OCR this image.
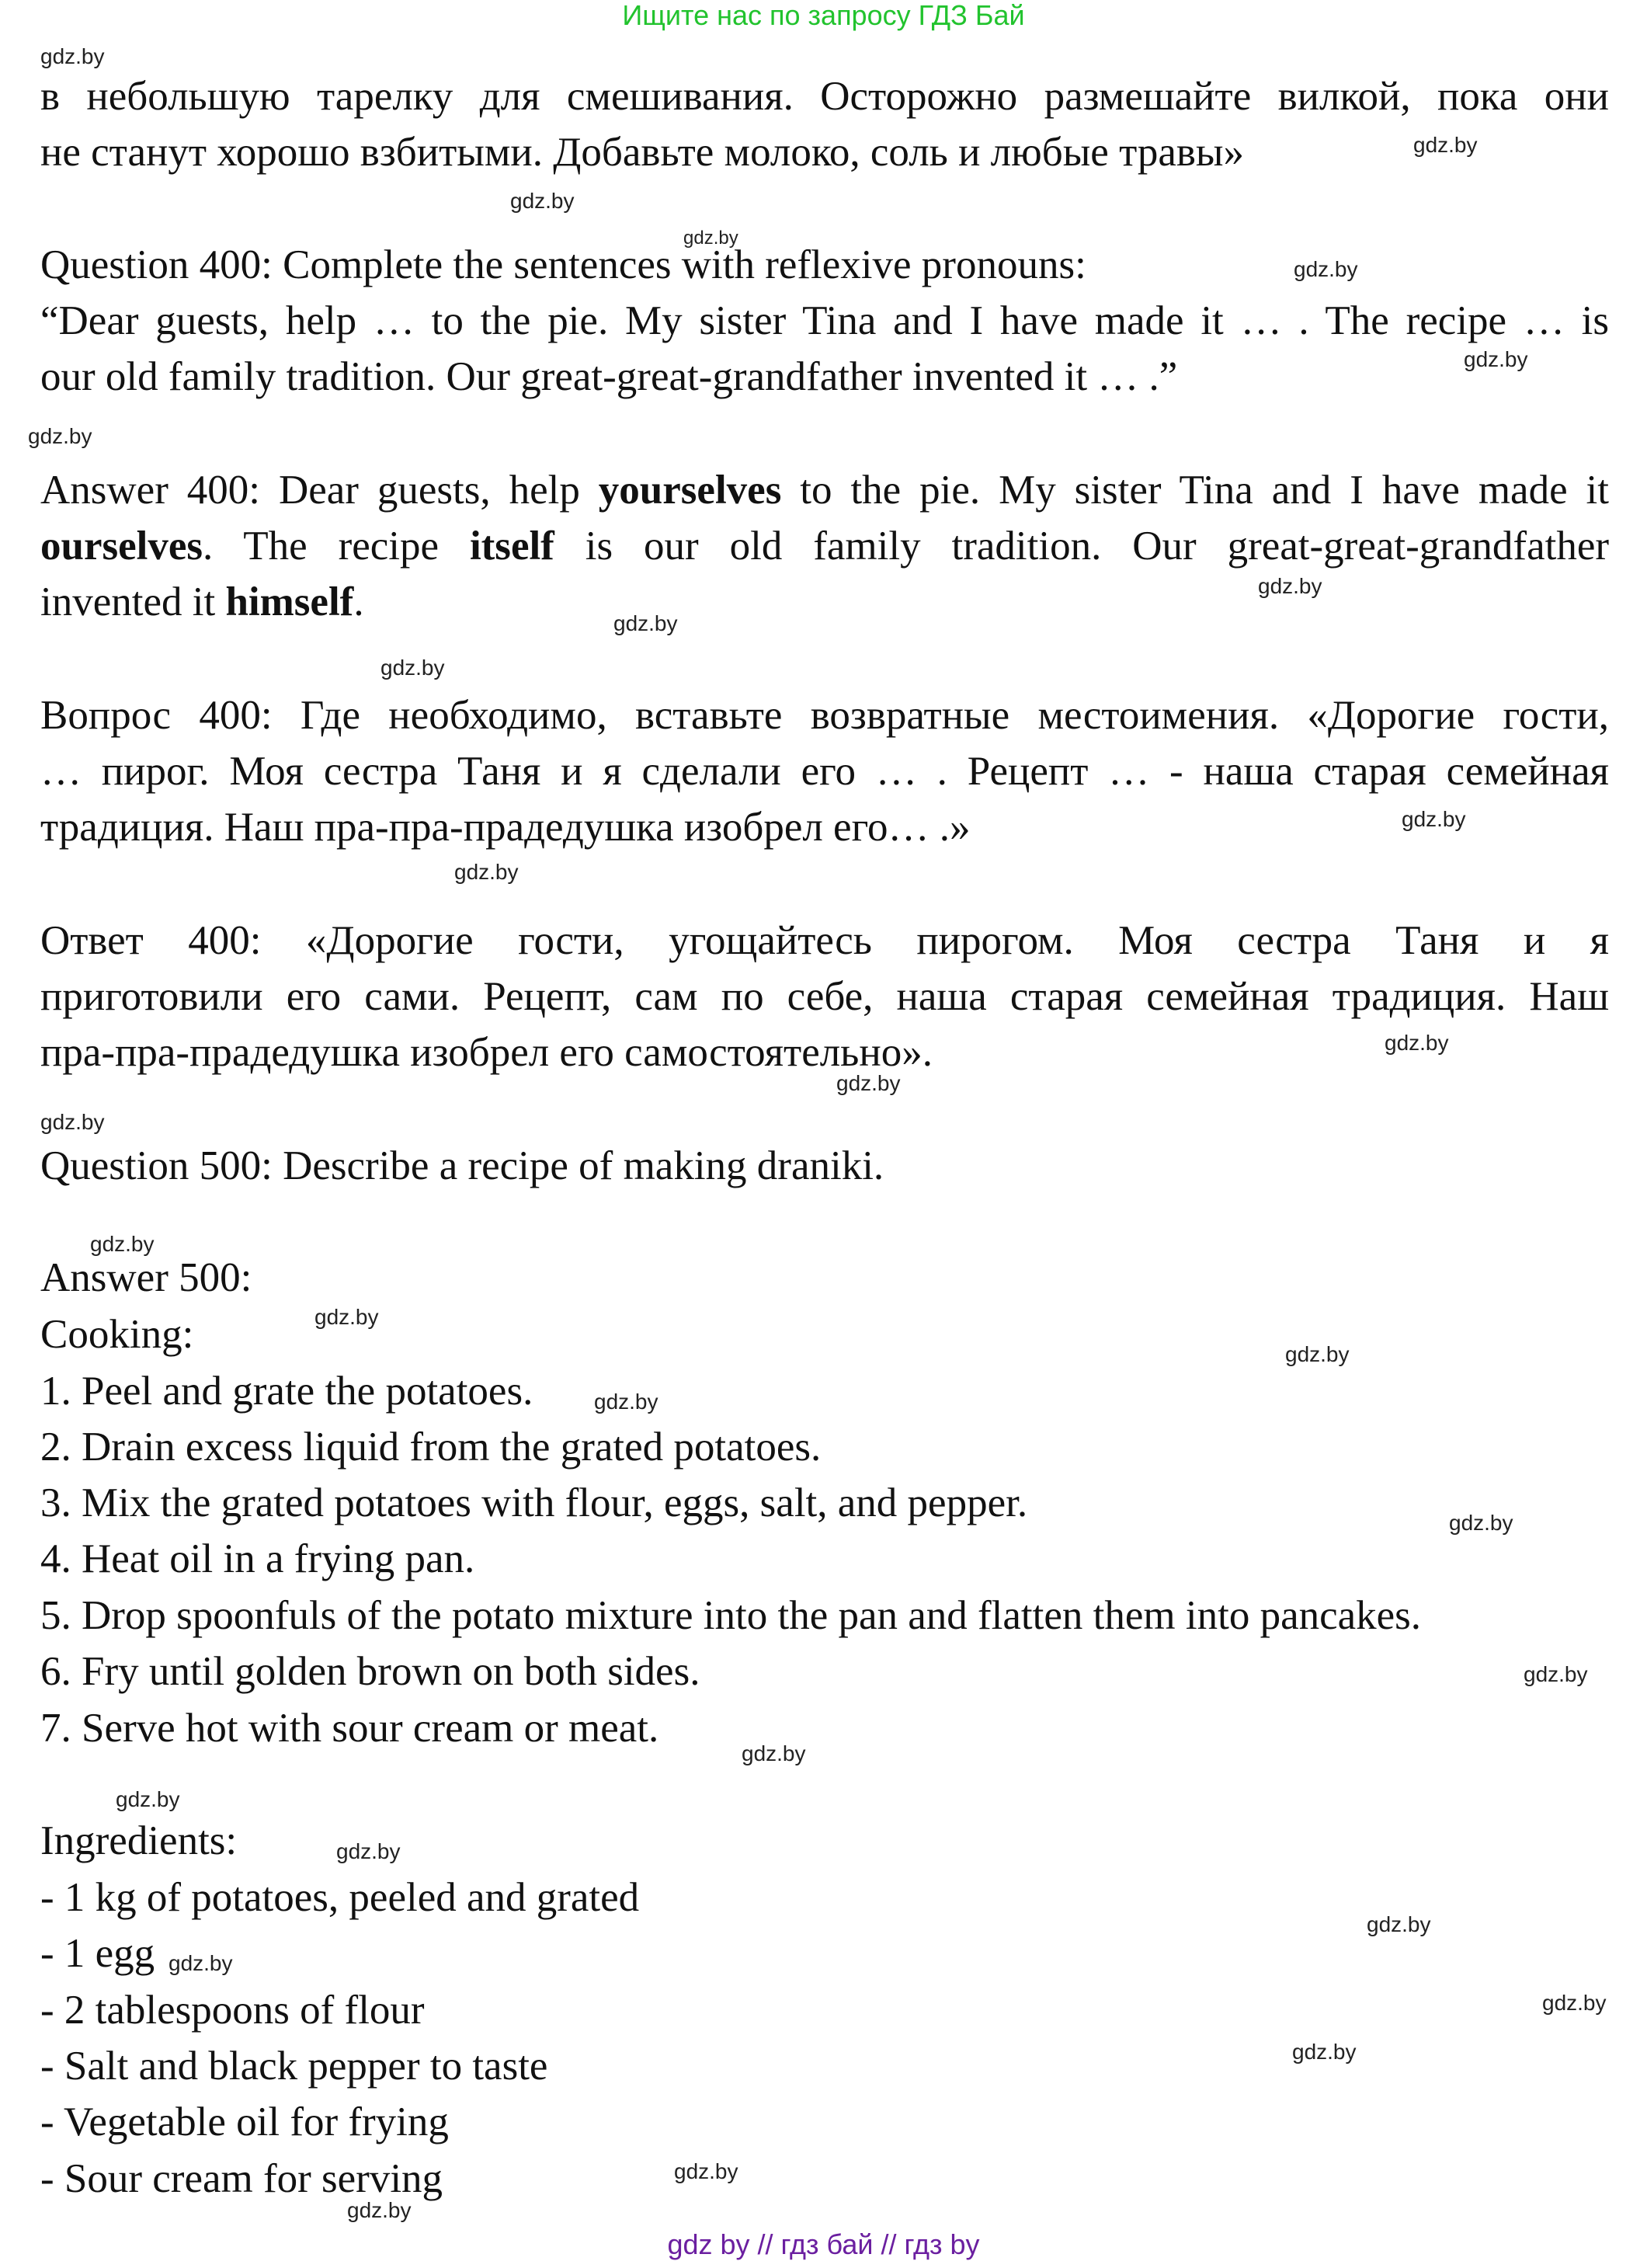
Ищите нас по запросу ГДЗ Бай
в небольшую тарелку для смешивания. Осторожно размешайте вилкой, пока они
не станут хорошо взбитыми. Добавьте молоко, соль и любые травы»
Question 400: Complete the sentences with reflexive pronouns:
“Dear guests, help … to the pie. My sister Tina and I have made it … . The recipe … is
our old family tradition. Our great-great-grandfather invented it … .”
Answer 400: Dear guests, help yourselves to the pie. My sister Tina and I have made it
ourselves. The recipe itself is our old family tradition. Our great-great-grandfather
invented it himself.
Вопрос 400: Где необходимо, вставьте возвратные местоимения. «Дорогие гости,
… пирог. Моя сестра Таня и я сделали его … . Рецепт … - наша старая семейная
традиция. Наш пра-пра-прадедушка изобрел его… .»
Ответ 400: «Дорогие гости, угощайтесь пирогом. Моя сестра Таня и я
приготовили его сами. Рецепт, сам по себе, наша старая семейная традиция. Наш
пра-пра-прадедушка изобрел его самостоятельно».
Question 500: Describe a recipe of making draniki.
Answer 500:
Cooking:
1. Peel and grate the potatoes.
2. Drain excess liquid from the grated potatoes.
3. Mix the grated potatoes with flour, eggs, salt, and pepper.
4. Heat oil in a frying pan.
5. Drop spoonfuls of the potato mixture into the pan and flatten them into pancakes.
6. Fry until golden brown on both sides.
7. Serve hot with sour cream or meat.
Ingredients:
- 1 kg of potatoes, peeled and grated
- 1 egg
- 2 tablespoons of flour
- Salt and black pepper to taste
- Vegetable oil for frying
- Sour cream for serving
gdz.by
gdz.by
gdz.by
gdz.by
gdz.by
gdz.by
gdz.by
gdz.by
gdz.by
gdz.by
gdz.by
gdz.by
gdz.by
gdz.by
gdz.by
gdz.by
gdz.by
gdz.by
gdz.by
gdz.by
gdz.by
gdz.by
gdz.by
gdz.by
gdz.by
gdz.by
gdz.by
gdz.by
gdz.by
gdz.by
gdz by // гдз бай // гдз by
